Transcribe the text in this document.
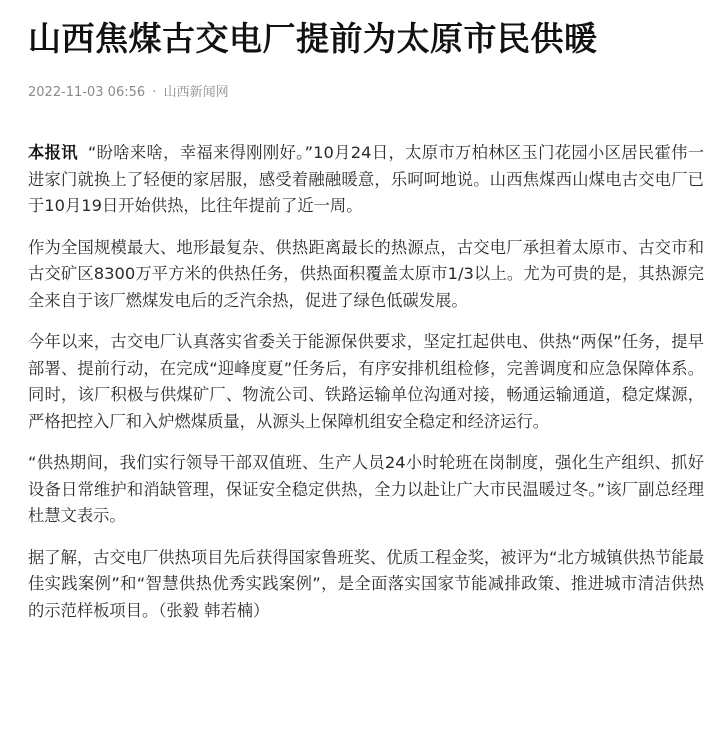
山西焦煤古交电厂提前为太原市民供暖
2022-11-03 06:56 · 山西新闻网

本报讯 “盼啥来啥，幸福来得刚刚好。”10月24日，太原市万柏林区玉门花园小区居民霍伟一进家门就换上了轻便的家居服，感受着融融暖意，乐呵呵地说。山西焦煤西山煤电古交电厂已于10月19日开始供热，比往年提前了近一周。

作为全国规模最大、地形最复杂、供热距离最长的热源点，古交电厂承担着太原市、古交市和古交矿区8300万平方米的供热任务，供热面积覆盖太原市1/3以上。尤为可贵的是，其热源完全来自于该厂燃煤发电后的乏汽余热，促进了绿色低碳发展。

今年以来，古交电厂认真落实省委关于能源保供要求，坚定扛起供电、供热“两保”任务，提早部署、提前行动，在完成“迎峰度夏”任务后，有序安排机组检修，完善调度和应急保障体系。同时，该厂积极与供煤矿厂、物流公司、铁路运输单位沟通对接，畅通运输通道，稳定煤源，严格把控入厂和入炉燃煤质量，从源头上保障机组安全稳定和经济运行。

“供热期间，我们实行领导干部双值班、生产人员24小时轮班在岗制度，强化生产组织、抓好设备日常维护和消缺管理，保证安全稳定供热，全力以赴让广大市民温暖过冬。”该厂副总经理杜慧文表示。

据了解，古交电厂供热项目先后获得国家鲁班奖、优质工程金奖，被评为“北方城镇供热节能最佳实践案例”和“智慧供热优秀实践案例”，是全面落实国家节能减排政策、推进城市清洁供热的示范样板项目。（张毅 韩若楠）
